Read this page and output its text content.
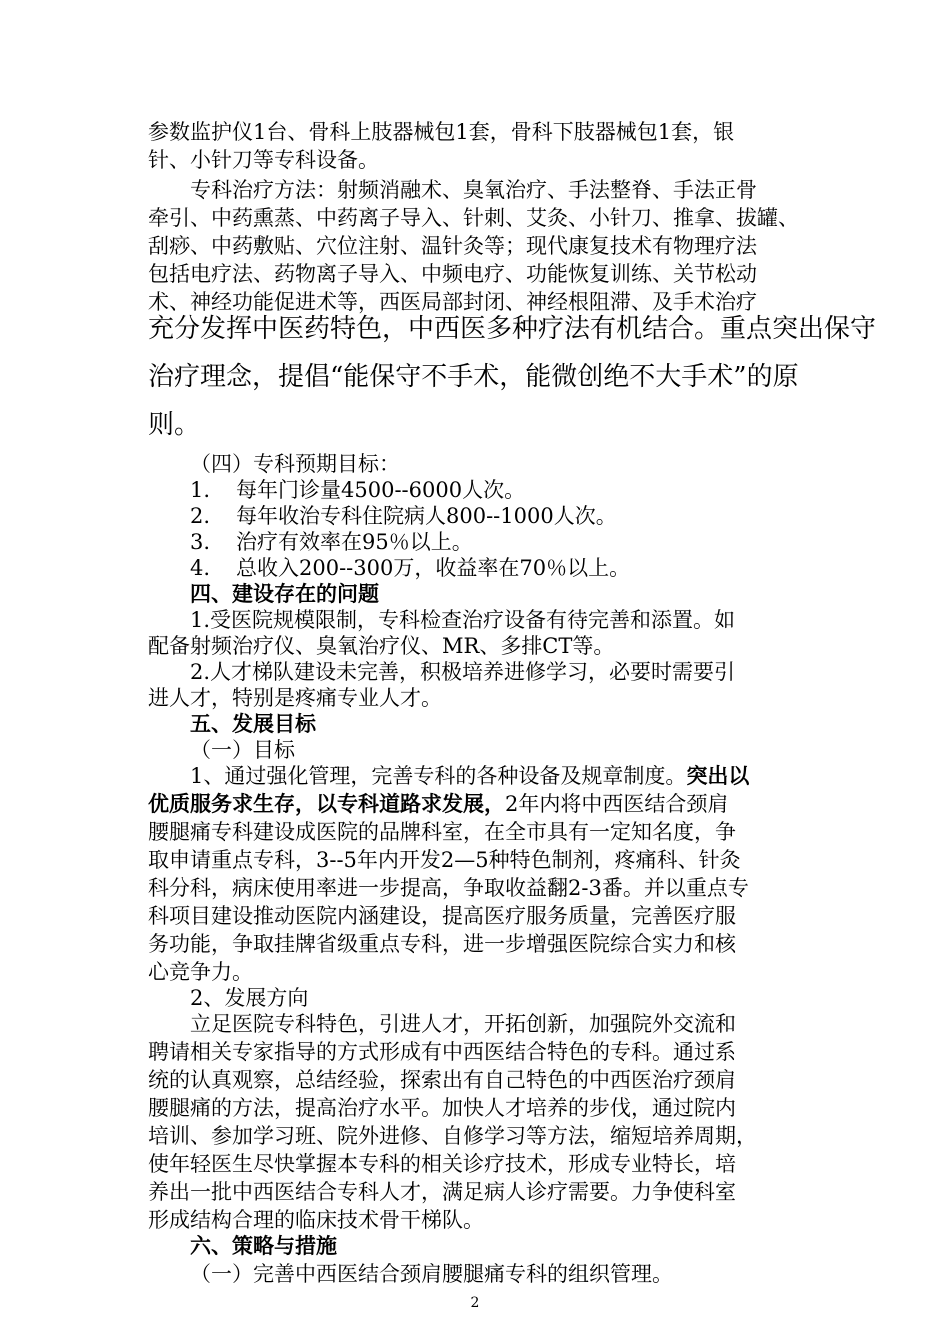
参数监护仪1台、骨科上肢器械包1套，骨科下肢器械包1套，银
针、小针刀等专科设备。
专科治疗方法：射频消融术、臭氧治疗、手法整脊、手法正骨
牵引、中药熏蒸、中药离子导入、针刺、艾灸、小针刀、推拿、拔罐、
刮痧、中药敷贴、穴位注射、温针灸等；现代康复技术有物理疗法
包括电疗法、药物离子导入、中频电疗、功能恢复训练、关节松动
术、神经功能促进术等，西医局部封闭、神经根阻滞、及手术治疗
充分发挥中医药特色，中西医多种疗法有机结合。重点突出保守
治疗理念，提倡“能保守不手术，能微创绝不大手术”的原
则。
（四）专科预期目标：
1. 每年门诊量4500--6000人次。
2. 每年收治专科住院病人800--1000人次。
3. 治疗有效率在95％以上。
4. 总收入200--300万，收益率在70％以上。
四、建设存在的问题
1.受医院规模限制，专科检查治疗设备有待完善和添置。如
配备射频治疗仪、臭氧治疗仪、MR、多排CT等。
2.人才梯队建设未完善，积极培养进修学习，必要时需要引
进人才，特别是疼痛专业人才。
五、发展目标
（一）目标
1、通过强化管理，完善专科的各种设备及规章制度。突出以
优质服务求生存，以专科道路求发展，2年内将中西医结合颈肩
腰腿痛专科建设成医院的品牌科室，在全市具有一定知名度，争
取申请重点专科，3--5年内开发2—5种特色制剂，疼痛科、针灸
科分科，病床使用率进一步提高，争取收益翻2-3番。并以重点专
科项目建设推动医院内涵建设，提高医疗服务质量，完善医疗服
务功能，争取挂牌省级重点专科，进一步增强医院综合实力和核
心竞争力。
2、发展方向
立足医院专科特色，引进人才，开拓创新，加强院外交流和
聘请相关专家指导的方式形成有中西医结合特色的专科。通过系
统的认真观察，总结经验，探索出有自己特色的中西医治疗颈肩
腰腿痛的方法，提高治疗水平。加快人才培养的步伐，通过院内
培训、参加学习班、院外进修、自修学习等方法，缩短培养周期，
使年轻医生尽快掌握本专科的相关诊疗技术，形成专业特长，培
养出一批中西医结合专科人才，满足病人诊疗需要。力争使科室
形成结构合理的临床技术骨干梯队。
六、策略与措施
（一）完善中西医结合颈肩腰腿痛专科的组织管理。
2
